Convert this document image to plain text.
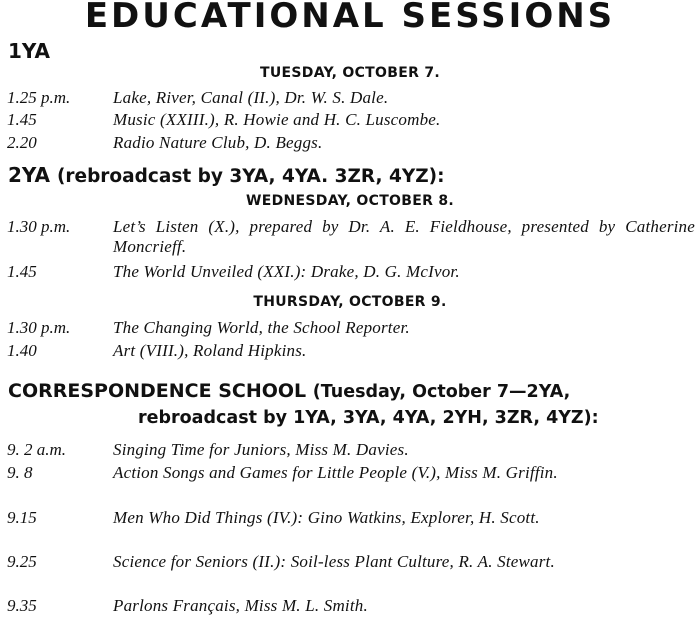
EDUCATIONAL SESSIONS
1YA
TUESDAY, OCTOBER 7.
1.25 p.m.	Lake, River, Canal (II.), Dr. W. S. Dale.
1.45	Music (XXIII.), R. Howie and H. C. Luscombe.
2.20	Radio Nature Club, D. Beggs.
2YA (rebroadcast by 3YA, 4YA. 3ZR, 4YZ):
WEDNESDAY, OCTOBER 8.
1.30 p.m.	Let’s Listen (X.), prepared by Dr. A. E. Fieldhouse, presented by Catherine Moncrieff.
1.45	The World Unveiled (XXI.): Drake, D. G. McIvor.
THURSDAY, OCTOBER 9.
1.30 p.m.	The Changing World, the School Reporter.
1.40	Art (VIII.), Roland Hipkins.
CORRESPONDENCE SCHOOL (Tuesday, October 7—2YA,
rebroadcast by 1YA, 3YA, 4YA, 2YH, 3ZR, 4YZ):
9. 2 a.m.	Singing Time for Juniors, Miss M. Davies.
9. 8	Action Songs and Games for Little People (V.), Miss M. Griffin.
9.15	Men Who Did Things (IV.): Gino Watkins, Explorer, H. Scott.
9.25	Science for Seniors (II.): Soil-less Plant Culture, R. A. Stewart.
9.35	Parlons Français, Miss M. L. Smith.
